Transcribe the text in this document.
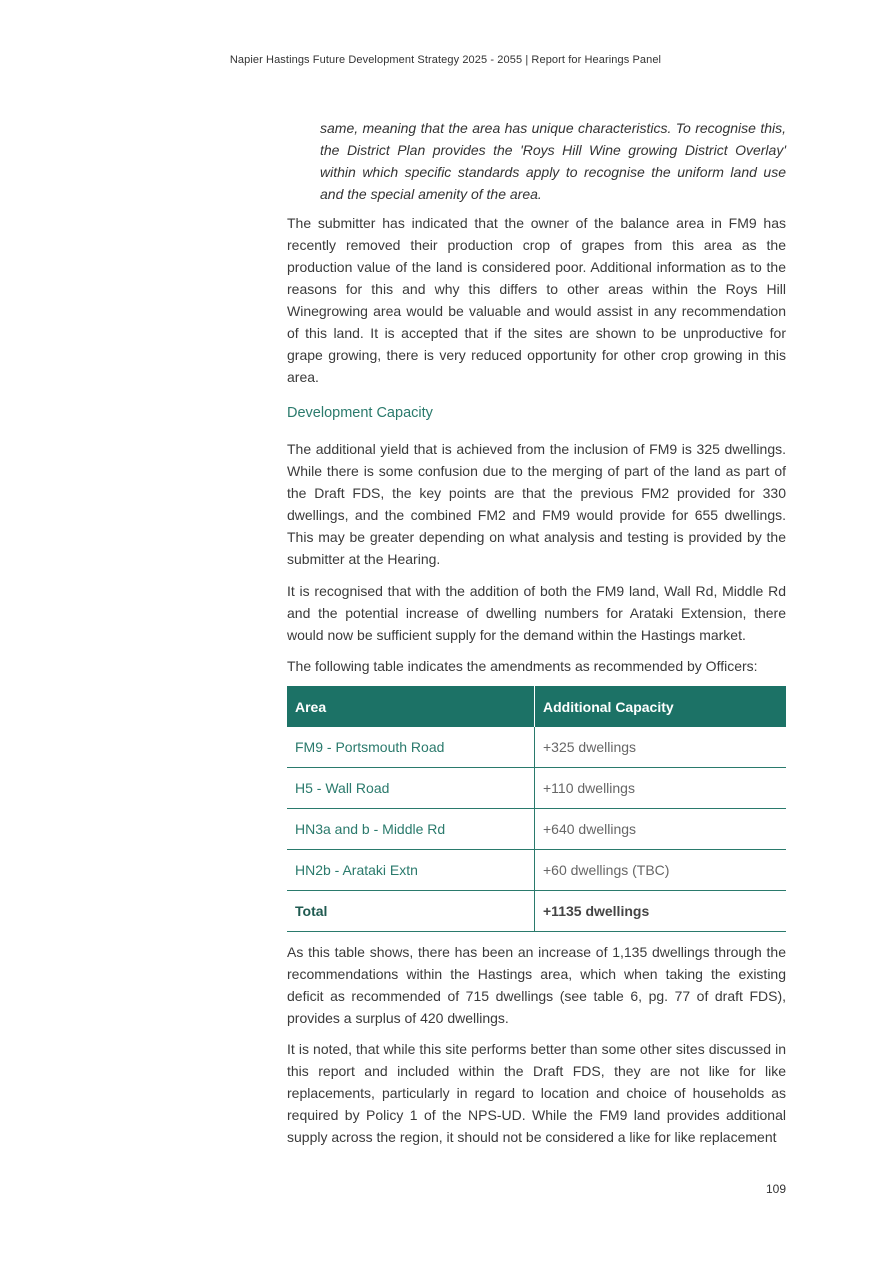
Napier Hastings Future Development Strategy 2025 - 2055 | Report for Hearings Panel
same, meaning that the area has unique characteristics. To recognise this, the District Plan provides the 'Roys Hill Wine growing District Overlay' within which specific standards apply to recognise the uniform land use and the special amenity of the area.

The submitter has indicated that the owner of the balance area in FM9 has recently removed their production crop of grapes from this area as the production value of the land is considered poor. Additional information as to the reasons for this and why this differs to other areas within the Roys Hill Winegrowing area would be valuable and would assist in any recommendation of this land. It is accepted that if the sites are shown to be unproductive for grape growing, there is very reduced opportunity for other crop growing in this area.

Development Capacity

The additional yield that is achieved from the inclusion of FM9 is 325 dwellings. While there is some confusion due to the merging of part of the land as part of the Draft FDS, the key points are that the previous FM2 provided for 330 dwellings, and the combined FM2 and FM9 would provide for 655 dwellings. This may be greater depending on what analysis and testing is provided by the submitter at the Hearing.

It is recognised that with the addition of both the FM9 land, Wall Rd, Middle Rd and the potential increase of dwelling numbers for Arataki Extension, there would now be sufficient supply for the demand within the Hastings market.

The following table indicates the amendments as recommended by Officers:

Area	Additional Capacity
FM9 - Portsmouth Road	+325 dwellings
H5 - Wall Road	+110 dwellings
HN3a and b - Middle Rd	+640 dwellings
HN2b - Arataki Extn	+60 dwellings (TBC)
Total	+1135 dwellings

As this table shows, there has been an increase of 1,135 dwellings through the recommendations within the Hastings area, which when taking the existing deficit as recommended of 715 dwellings (see table 6, pg. 77 of draft FDS), provides a surplus of 420 dwellings.

It is noted, that while this site performs better than some other sites discussed in this report and included within the Draft FDS, they are not like for like replacements, particularly in regard to location and choice of households as required by Policy 1 of the NPS-UD. While the FM9 land provides additional supply across the region, it should not be considered a like for like replacement

109
